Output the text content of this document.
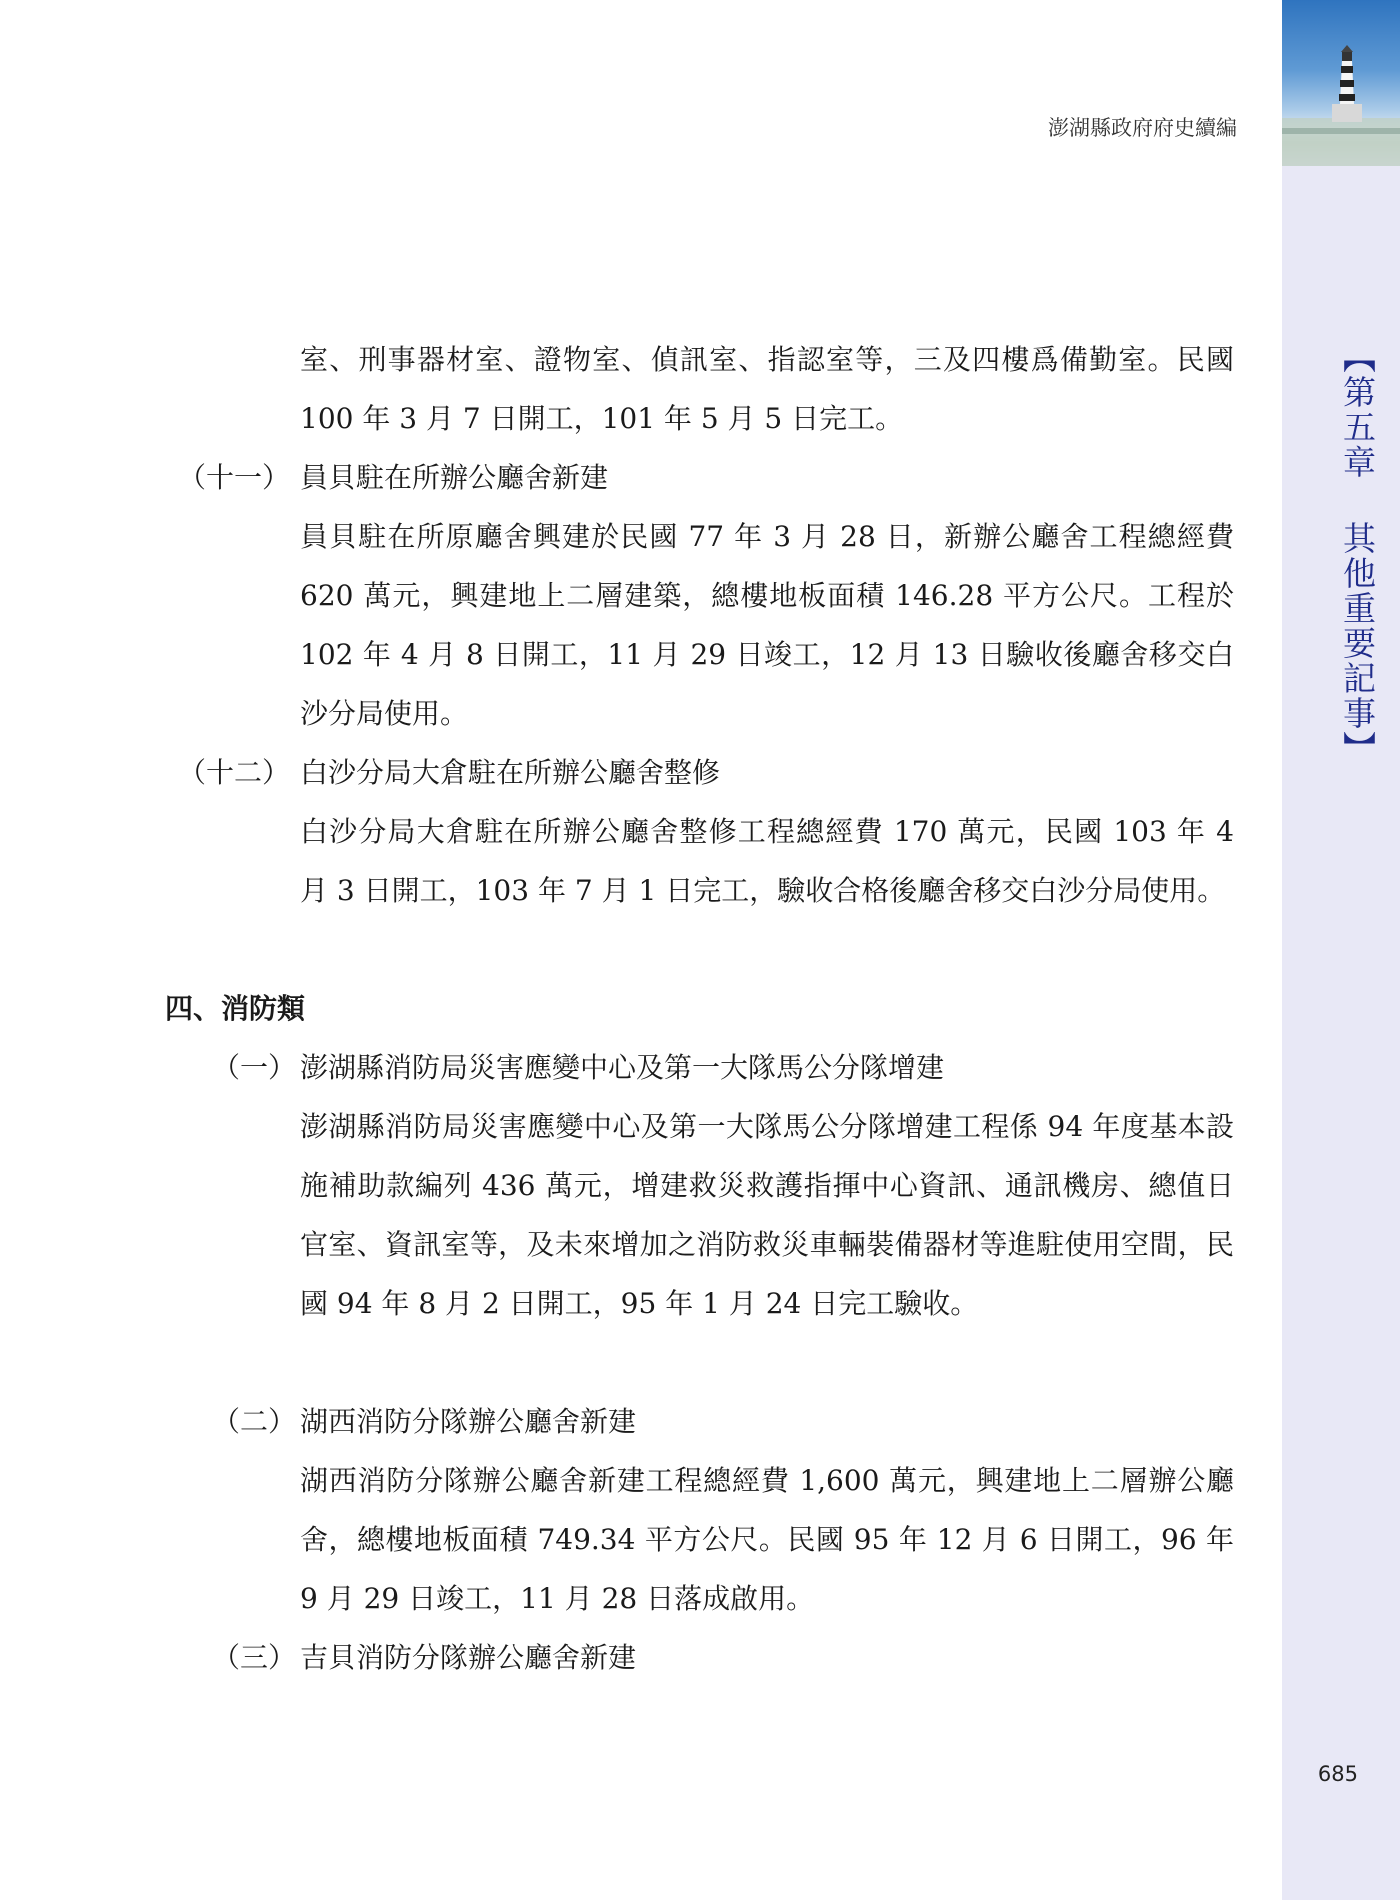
【第五章 其他重要記事】
澎湖縣政府府史續編
室、刑事器材室、證物室、偵訊室、指認室等，三及四樓爲備勤室。民國 100 年 3 月 7 日開工，101 年 5 月 5 日完工。
（十一） 員貝駐在所辦公廳舍新建
員貝駐在所原廳舍興建於民國 77 年 3 月 28 日，新辦公廳舍工程總經費 620 萬元，興建地上二層建築，總樓地板面積 146.28 平方公尺。工程於 102 年 4 月 8 日開工，11 月 29 日竣工，12 月 13 日驗收後廳舍移交白沙分局使用。
（十二） 白沙分局大倉駐在所辦公廳舍整修
白沙分局大倉駐在所辦公廳舍整修工程總經費 170 萬元，民國 103 年 4 月 3 日開工，103 年 7 月 1 日完工，驗收合格後廳舍移交白沙分局使用。
四、消防類
（一） 澎湖縣消防局災害應變中心及第一大隊馬公分隊增建
澎湖縣消防局災害應變中心及第一大隊馬公分隊增建工程係 94 年度基本設施補助款編列 436 萬元，增建救災救護指揮中心資訊、通訊機房、總值日官室、資訊室等，及未來增加之消防救災車輛裝備器材等進駐使用空間，民國 94 年 8 月 2 日開工，95 年 1 月 24 日完工驗收。
（二） 湖西消防分隊辦公廳舍新建
湖西消防分隊辦公廳舍新建工程總經費 1,600 萬元，興建地上二層辦公廳舍，總樓地板面積 749.34 平方公尺。民國 95 年 12 月 6 日開工，96 年 9 月 29 日竣工，11 月 28 日落成啟用。
（三） 吉貝消防分隊辦公廳舍新建
685
